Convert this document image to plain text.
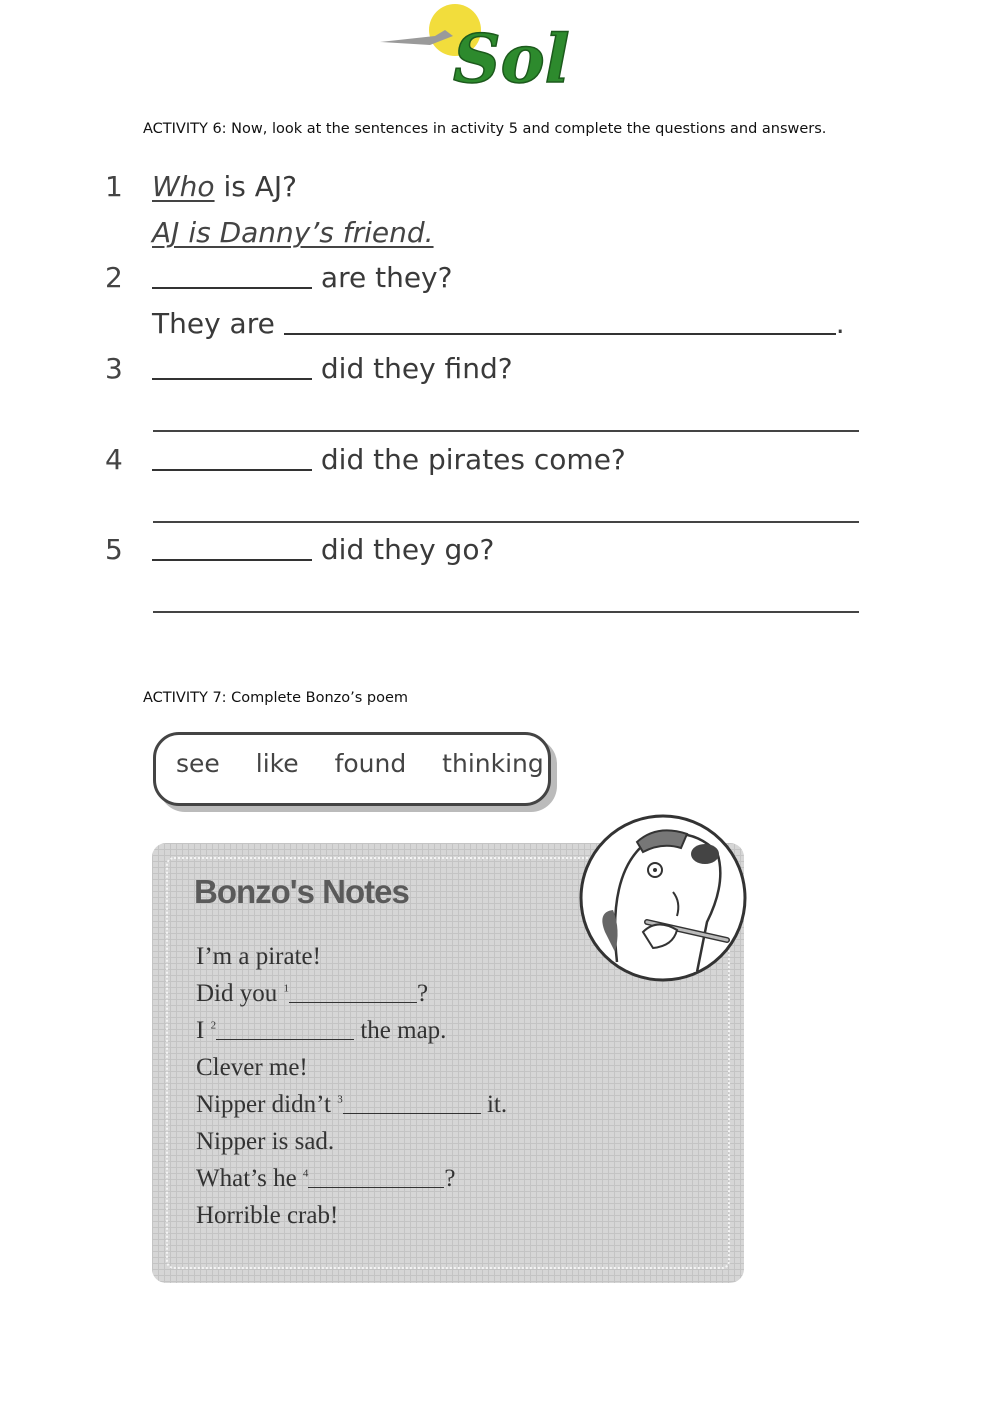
Sol
ACTIVITY 6: Now, look at the sentences in activity 5 and complete the questions and answers.
1 Who is AJ?
AJ is Danny’s friend.
2	are they?
They are	.
3	did they find?
4	did the pirates come?
5	did they go?
ACTIVITY 7: Complete Bonzo’s poem
see like found thinking
Bonzo's Notes
I’m a pirate!
Did you $^1$	?
I $^2$	the map.
Clever me!
Nipper didn’t $^3$	it.
Nipper is sad.
What’s he $^4$	?
Horrible crab!
